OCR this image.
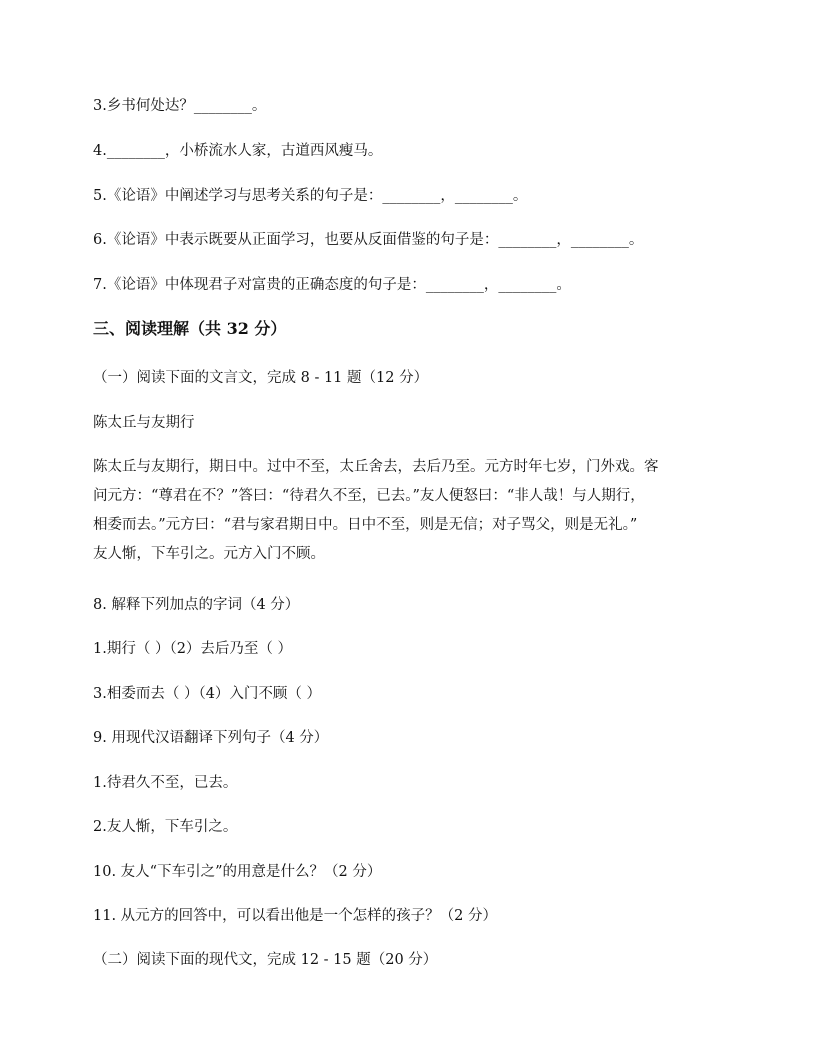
3.乡书何处达？________。
4.________，小桥流水人家，古道西风瘦马。
5.《论语》中阐述学习与思考关系的句子是：________，________。
6.《论语》中表示既要从正面学习，也要从反面借鉴的句子是：________，________。
7.《论语》中体现君子对富贵的正确态度的句子是：________，________。
三、阅读理解（共 32 分）
（一）阅读下面的文言文，完成 8 - 11 题（12 分）
陈太丘与友期行
陈太丘与友期行，期日中。过中不至，太丘舍去，去后乃至。元方时年七岁，门外戏。客
问元方：“尊君在不？”答曰：“待君久不至，已去。”友人便怒曰：“非人哉！与人期行，
相委而去。”元方曰：“君与家君期日中。日中不至，则是无信；对子骂父，则是无礼。”
友人惭，下车引之。元方入门不顾。
8. 解释下列加点的字词（4 分）
1.期行（ ）（2）去后乃至（ ）
3.相委而去（ ）（4）入门不顾（ ）
9. 用现代汉语翻译下列句子（4 分）
1.待君久不至，已去。
2.友人惭，下车引之。
10. 友人“下车引之”的用意是什么？（2 分）
11. 从元方的回答中，可以看出他是一个怎样的孩子？（2 分）
（二）阅读下面的现代文，完成 12 - 15 题（20 分）
